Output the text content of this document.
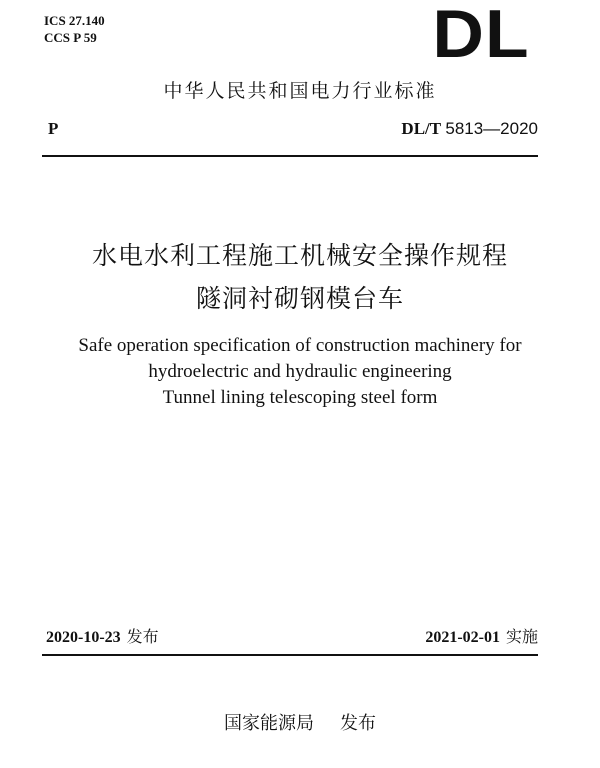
ICS 27.140
CCS P 59	DL
中华人民共和国电力行业标准
P	DL/T 5813—2020
水电水利工程施工机械安全操作规程
隧洞衬砌钢模台车
Safe operation specification of construction machinery for
hydroelectric and hydraulic engineering
Tunnel lining telescoping steel form
2020-10-23 发布	2021-02-01 实施
国家能源局 发布
